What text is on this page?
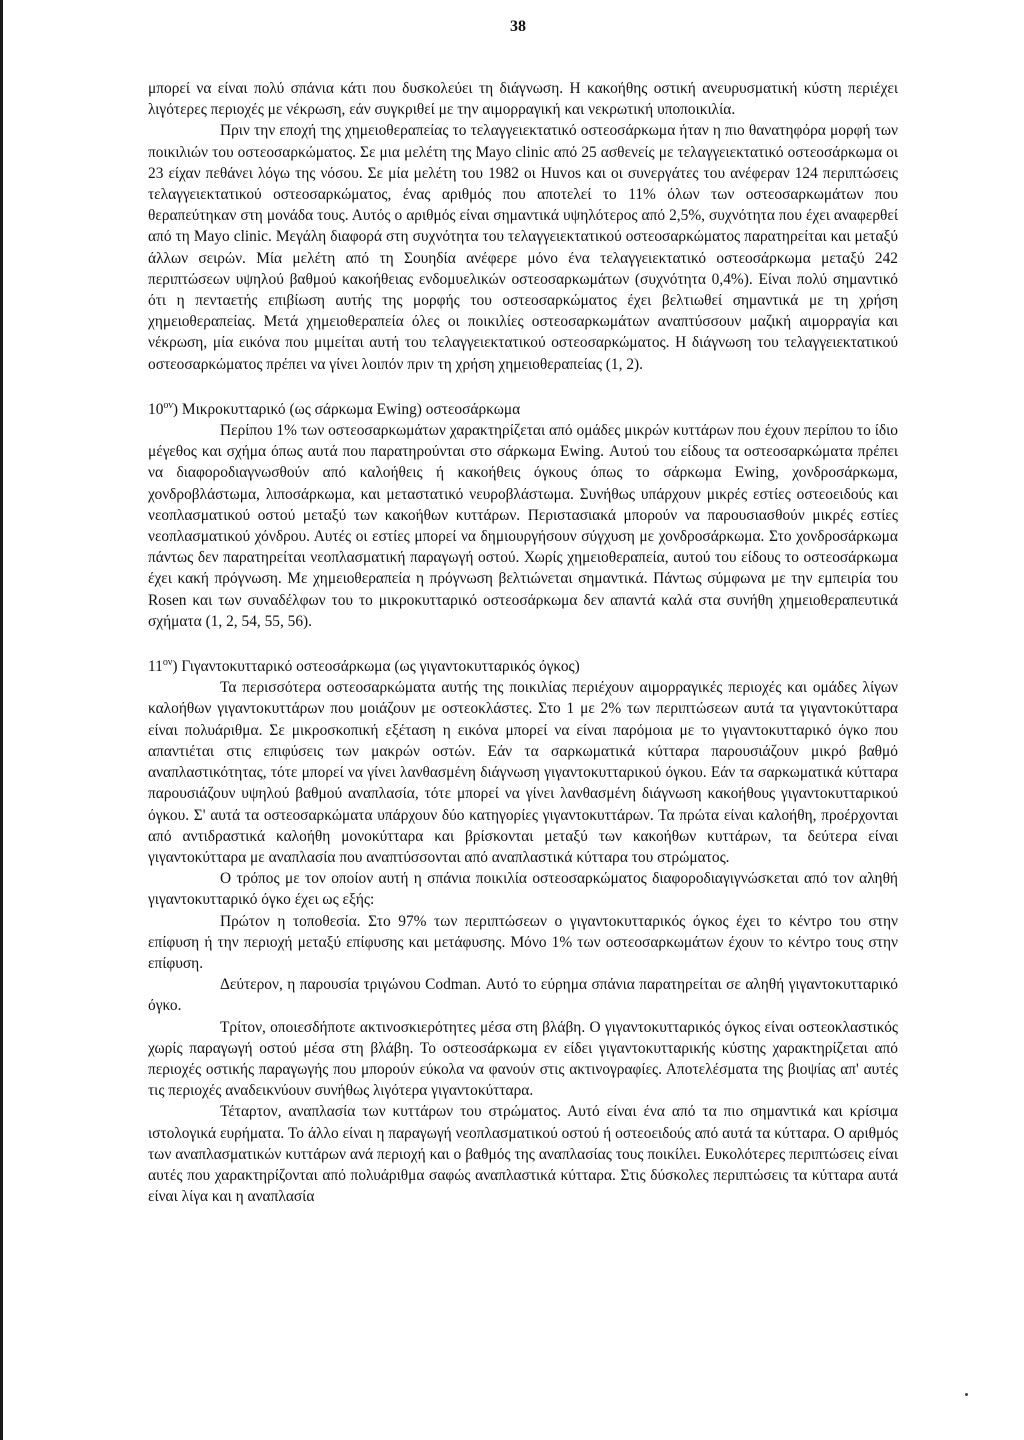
38

μπορεί να είναι πολύ σπάνια κάτι που δυσκολεύει τη διάγνωση. Η κακοήθης οστική ανευρυσματική κύστη περιέχει λιγότερες περιοχές με νέκρωση, εάν συγκριθεί με την αιμορραγική και νεκρωτική υποποικιλία.

Πριν την εποχή της χημειοθεραπείας το τελαγγειεκτατικό οστεοσάρκωμα ήταν η πιο θανατηφόρα μορφή των ποικιλιών του οστεοσαρκώματος. Σε μια μελέτη της Mayo clinic από 25 ασθενείς με τελαγγειεκτατικό οστεοσάρκωμα οι 23 είχαν πεθάνει λόγω της νόσου. Σε μία μελέτη του 1982 οι Huvos και οι συνεργάτες του ανέφεραν 124 περιπτώσεις τελαγγειεκτατικού οστεοσαρκώματος, ένας αριθμός που αποτελεί το 11% όλων των οστεοσαρκωμάτων που θεραπεύτηκαν στη μονάδα τους. Αυτός ο αριθμός είναι σημαντικά υψηλότερος από 2,5%, συχνότητα που έχει αναφερθεί από τη Mayo clinic. Μεγάλη διαφορά στη συχνότητα του τελαγγειεκτατικού οστεοσαρκώματος παρατηρείται και μεταξύ άλλων σειρών. Μία μελέτη από τη Σουηδία ανέφερε μόνο ένα τελαγγειεκτατικό οστεοσάρκωμα μεταξύ 242 περιπτώσεων υψηλού βαθμού κακοήθειας ενδομυελικών οστεοσαρκωμάτων (συχνότητα 0,4%). Είναι πολύ σημαντικό ότι η πενταετής επιβίωση αυτής της μορφής του οστεοσαρκώματος έχει βελτιωθεί σημαντικά με τη χρήση χημειοθεραπείας. Μετά χημειοθεραπεία όλες οι ποικιλίες οστεοσαρκωμάτων αναπτύσσουν μαζική αιμορραγία και νέκρωση, μία εικόνα που μιμείται αυτή του τελαγγειεκτατικού οστεοσαρκώματος. Η διάγνωση του τελαγγειεκτατικού οστεοσαρκώματος πρέπει να γίνει λοιπόν πριν τη χρήση χημειοθεραπείας (1, 2).

$10^{o\nu}$) Μικροκυτταρικό (ως σάρκωμα Ewing) οστεοσάρκωμα

Περίπου 1% των οστεοσαρκωμάτων χαρακτηρίζεται από ομάδες μικρών κυττάρων που έχουν περίπου το ίδιο μέγεθος και σχήμα όπως αυτά που παρατηρούνται στο σάρκωμα Ewing. Αυτού του είδους τα οστεοσαρκώματα πρέπει να διαφοροδιαγνωσθούν από καλοήθεις ή κακοήθεις όγκους όπως το σάρκωμα Ewing, χονδροσάρκωμα, χονδροβλάστωμα, λιποσάρκωμα, και μεταστατικό νευροβλάστωμα. Συνήθως υπάρχουν μικρές εστίες οστεοειδούς και νεοπλασματικού οστού μεταξύ των κακοήθων κυττάρων. Περιστασιακά μπορούν να παρουσιασθούν μικρές εστίες νεοπλασματικού χόνδρου. Αυτές οι εστίες μπορεί να δημιουργήσουν σύγχυση με χονδροσάρκωμα. Στο χονδροσάρκωμα πάντως δεν παρατηρείται νεοπλασματική παραγωγή οστού. Χωρίς χημειοθεραπεία, αυτού του είδους το οστεοσάρκωμα έχει κακή πρόγνωση. Με χημειοθεραπεία η πρόγνωση βελτιώνεται σημαντικά. Πάντως σύμφωνα με την εμπειρία του Rosen και των συναδέλφων του το μικροκυτταρικό οστεοσάρκωμα δεν απαντά καλά στα συνήθη χημειοθεραπευτικά σχήματα (1, 2, 54, 55, 56).

$11^{o\nu}$) Γιγαντοκυτταρικό οστεοσάρκωμα (ως γιγαντοκυτταρικός όγκος)

Τα περισσότερα οστεοσαρκώματα αυτής της ποικιλίας περιέχουν αιμορραγικές περιοχές και ομάδες λίγων καλοήθων γιγαντοκυττάρων που μοιάζουν με οστεοκλάστες. Στο 1 με 2% των περιπτώσεων αυτά τα γιγαντοκύτταρα είναι πολυάριθμα. Σε μικροσκοπική εξέταση η εικόνα μπορεί να είναι παρόμοια με το γιγαντοκυτταρικό όγκο που απαντιέται στις επιφύσεις των μακρών οστών. Εάν τα σαρκωματικά κύτταρα παρουσιάζουν μικρό βαθμό αναπλαστικότητας, τότε μπορεί να γίνει λανθασμένη διάγνωση γιγαντοκυτταρικού όγκου. Εάν τα σαρκωματικά κύτταρα παρουσιάζουν υψηλού βαθμού αναπλασία, τότε μπορεί να γίνει λανθασμένη διάγνωση κακοήθους γιγαντοκυτταρικού όγκου. Σ' αυτά τα οστεοσαρκώματα υπάρχουν δύο κατηγορίες γιγαντοκυττάρων. Τα πρώτα είναι καλοήθη, προέρχονται από αντιδραστικά καλοήθη μονοκύτταρα και βρίσκονται μεταξύ των κακοήθων κυττάρων, τα δεύτερα είναι γιγαντοκύτταρα με αναπλασία που αναπτύσσονται από αναπλαστικά κύτταρα του στρώματος.

Ο τρόπος με τον οποίον αυτή η σπάνια ποικιλία οστεοσαρκώματος διαφοροδιαγιγνώσκεται από τον αληθή γιγαντοκυτταρικό όγκο έχει ως εξής:

Πρώτον η τοποθεσία. Στο 97% των περιπτώσεων ο γιγαντοκυτταρικός όγκος έχει το κέντρο του στην επίφυση ή την περιοχή μεταξύ επίφυσης και μετάφυσης. Μόνο 1% των οστεοσαρκωμάτων έχουν το κέντρο τους στην επίφυση.

Δεύτερον, η παρουσία τριγώνου Codman. Αυτό το εύρημα σπάνια παρατηρείται σε αληθή γιγαντοκυτταρικό όγκο.

Τρίτον, οποιεσδήποτε ακτινοσκιερότητες μέσα στη βλάβη. Ο γιγαντοκυτταρικός όγκος είναι οστεοκλαστικός χωρίς παραγωγή οστού μέσα στη βλάβη. Το οστεοσάρκωμα εν είδει γιγαντοκυτταρικής κύστης χαρακτηρίζεται από περιοχές οστικής παραγωγής που μπορούν εύκολα να φανούν στις ακτινογραφίες. Αποτελέσματα της βιοψίας απ' αυτές τις περιοχές αναδεικνύουν συνήθως λιγότερα γιγαντοκύτταρα.

Τέταρτον, αναπλασία των κυττάρων του στρώματος. Αυτό είναι ένα από τα πιο σημαντικά και κρίσιμα ιστολογικά ευρήματα. Το άλλο είναι η παραγωγή νεοπλασματικού οστού ή οστεοειδούς από αυτά τα κύτταρα. Ο αριθμός των αναπλασματικών κυττάρων ανά περιοχή και ο βαθμός της αναπλασίας τους ποικίλει. Ευκολότερες περιπτώσεις είναι αυτές που χαρακτηρίζονται από πολυάριθμα σαφώς αναπλαστικά κύτταρα. Στις δύσκολες περιπτώσεις τα κύτταρα αυτά είναι λίγα και η αναπλασία
